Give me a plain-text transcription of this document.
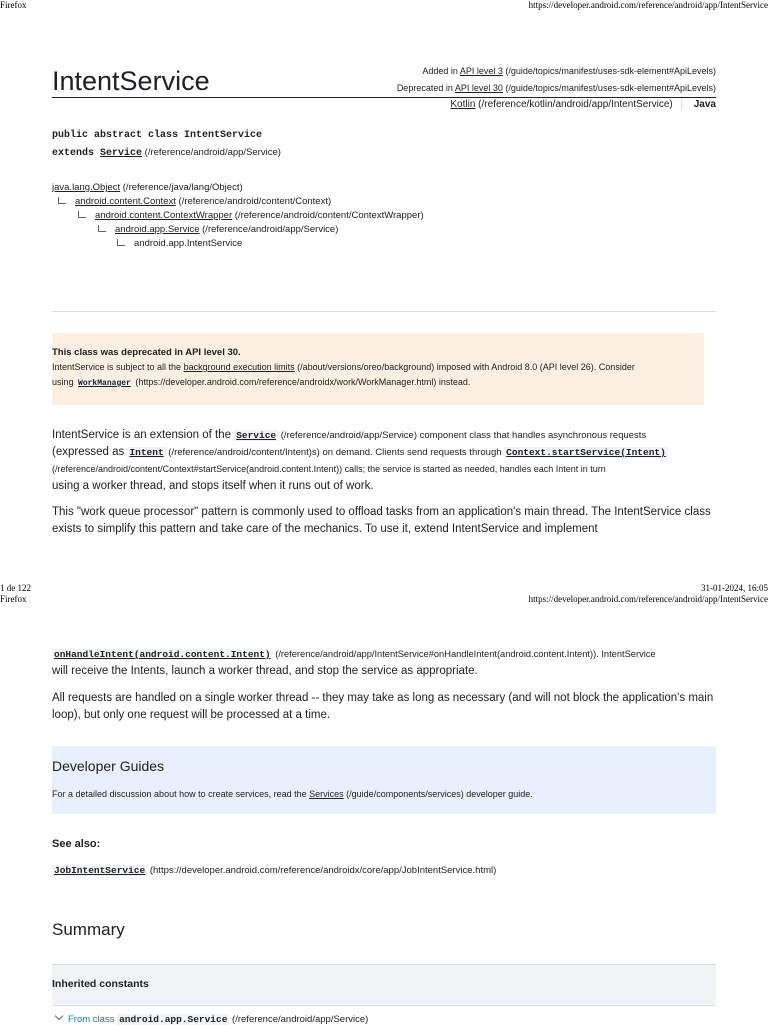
Firefox	https://developer.android.com/reference/android/app/IntentService
IntentService	Added in API level 3 (/guide/topics/manifest/uses-sdk-element#ApiLevels)
Deprecated in API level 30 (/guide/topics/manifest/uses-sdk-element#ApiLevels)
Kotlin (/reference/kotlin/android/app/IntentService) Java
public abstract class IntentService
extends Service (/reference/android/app/Service)
java.lang.Object (/reference/java/lang/Object)
android.content.Context (/reference/android/content/Context)
android.content.ContextWrapper (/reference/android/content/ContextWrapper)
android.app.Service (/reference/android/app/Service)
android.app.IntentService
This class was deprecated in API level 30.
IntentService is subject to all the background execution limits (/about/versions/oreo/background) imposed with Android 8.0 (API level 26). Consider
using WorkManager (https://developer.android.com/reference/androidx/work/WorkManager.html) instead.
IntentService is an extension of the Service (/reference/android/app/Service) component class that handles asynchronous requests
(expressed as Intent (/reference/android/content/Intent)s) on demand. Clients send requests through Context.startService(Intent)
(/reference/android/content/Context#startService(android.content.Intent)) calls; the service is started as needed, handles each Intent in turn
using a worker thread, and stops itself when it runs out of work.
This "work queue processor" pattern is commonly used to offload tasks from an application's main thread. The IntentService class
exists to simplify this pattern and take care of the mechanics. To use it, extend IntentService and implement
1 de 122	31-01-2024, 16:05
Firefox	https://developer.android.com/reference/android/app/IntentService
onHandleIntent(android.content.Intent) (/reference/android/app/IntentService#onHandleIntent(android.content.Intent)). IntentService
will receive the Intents, launch a worker thread, and stop the service as appropriate.
All requests are handled on a single worker thread -- they may take as long as necessary (and will not block the application's main
loop), but only one request will be processed at a time.
Developer Guides

For a detailed discussion about how to create services, read the Services (/guide/components/services) developer guide.

See also:
JobIntentService (https://developer.android.com/reference/androidx/core/app/JobIntentService.html)
Summary
Inherited constants
From class android.app.Service (/reference/android/app/Service)
